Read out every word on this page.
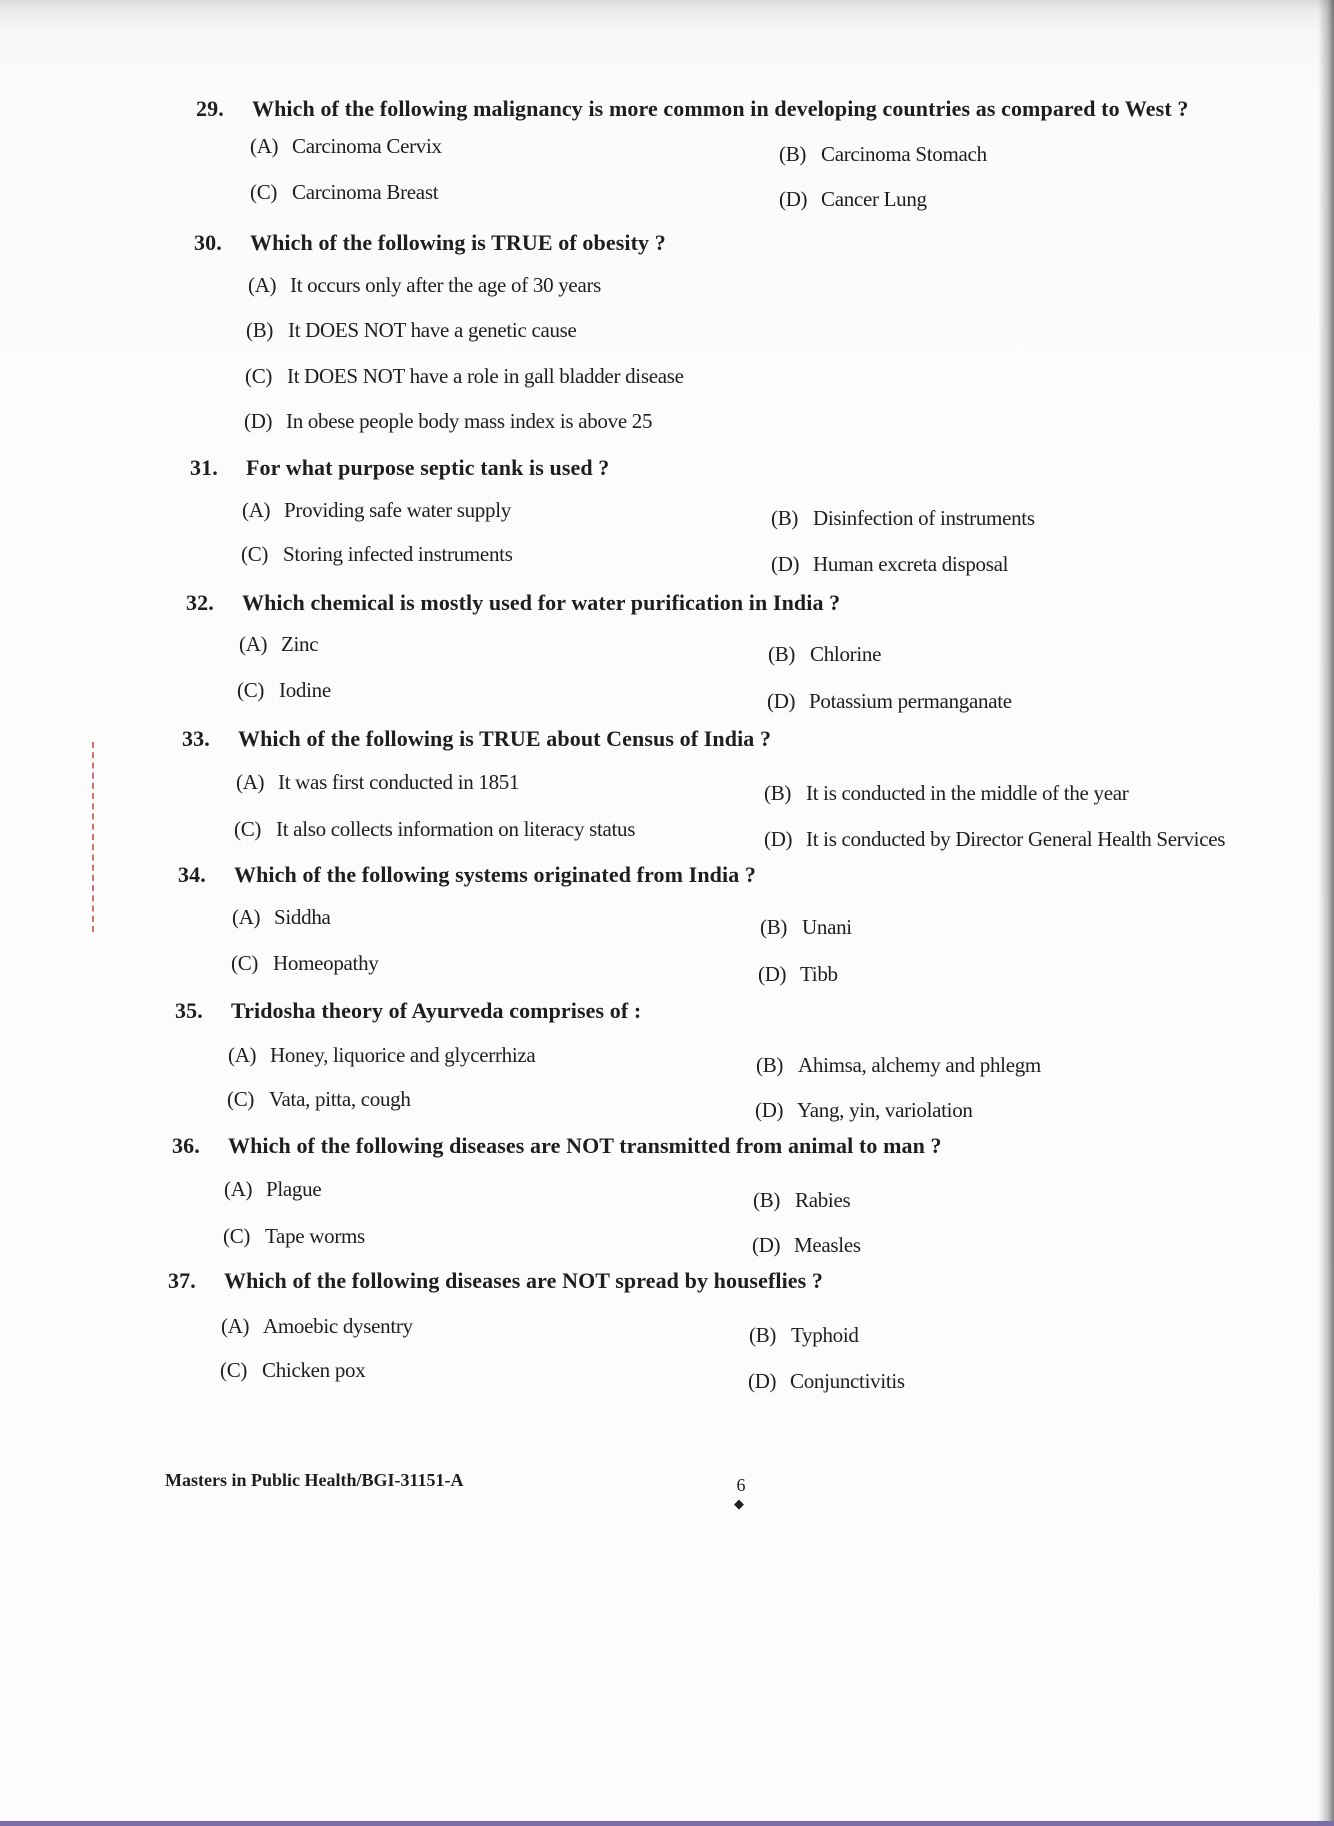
29. Which of the following malignancy is more common in developing countries as compared to West ?
(A) Carcinoma Cervix	(B) Carcinoma Stomach
(C) Carcinoma Breast	(D) Cancer Lung
30. Which of the following is TRUE of obesity ?
(A) It occurs only after the age of 30 years
(B) It DOES NOT have a genetic cause
(C) It DOES NOT have a role in gall bladder disease
(D) In obese people body mass index is above 25
31. For what purpose septic tank is used ?
(A) Providing safe water supply	(B) Disinfection of instruments
(C) Storing infected instruments	(D) Human excreta disposal
32. Which chemical is mostly used for water purification in India ?
(A) Zinc	(B) Chlorine
(C) Iodine	(D) Potassium permanganate
33. Which of the following is TRUE about Census of India ?
(A) It was first conducted in 1851	(B) It is conducted in the middle of the year
(C) It also collects information on literacy status	(D) It is conducted by Director General Health Services
34. Which of the following systems originated from India ?
(A) Siddha	(B) Unani
(C) Homeopathy	(D) Tibb
35. Tridosha theory of Ayurveda comprises of :
(A) Honey, liquorice and glycerrhiza	(B) Ahimsa, alchemy and phlegm
(C) Vata, pitta, cough	(D) Yang, yin, variolation
36. Which of the following diseases are NOT transmitted from animal to man ?
(A) Plague	(B) Rabies
(C) Tape worms	(D) Measles
37. Which of the following diseases are NOT spread by houseflies ?
(A) Amoebic dysentry	(B) Typhoid
(C) Chicken pox	(D) Conjunctivitis
Masters in Public Health/BGI-31151-A	6
◆
